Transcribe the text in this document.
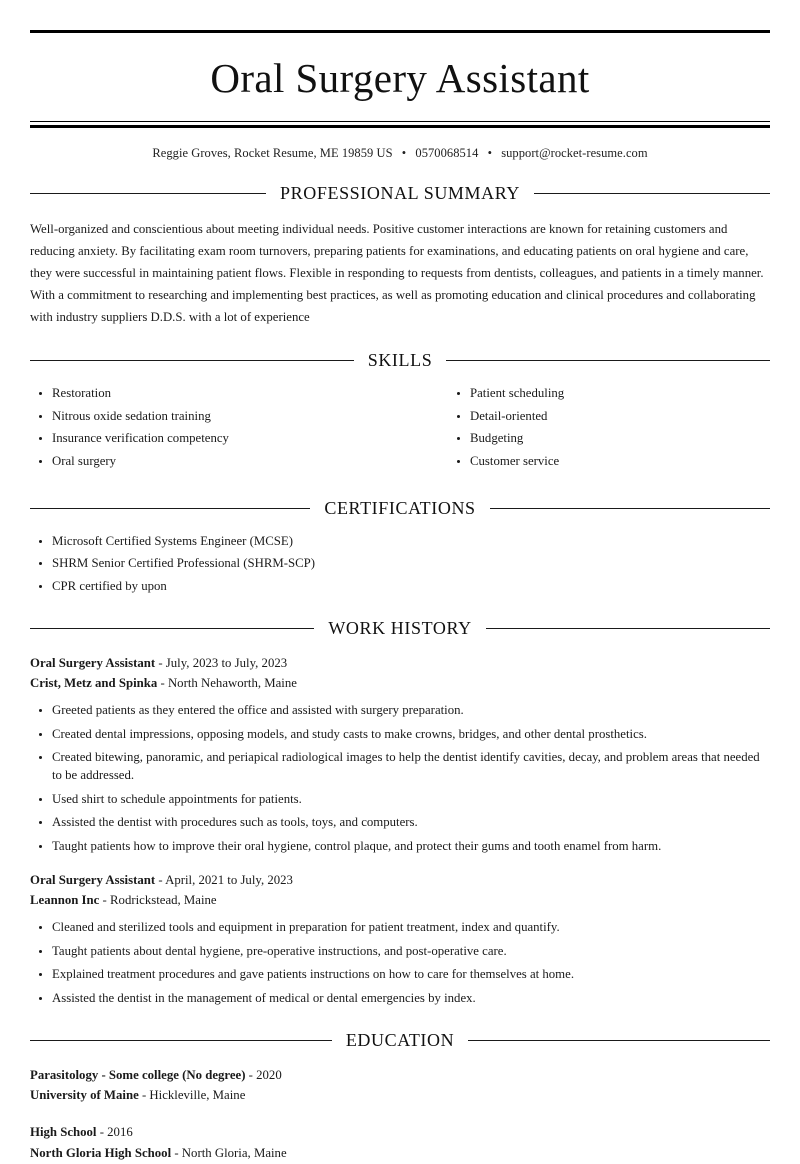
Oral Surgery Assistant
Reggie Groves, Rocket Resume, ME 19859 US • 0570068514 • support@rocket-resume.com
PROFESSIONAL SUMMARY

Well-organized and conscientious about meeting individual needs. Positive customer interactions are known for retaining customers and reducing anxiety. By facilitating exam room turnovers, preparing patients for examinations, and educating patients on oral hygiene and care, they were successful in maintaining patient flows. Flexible in responding to requests from dentists, colleagues, and patients in a timely manner. With a commitment to researching and implementing best practices, as well as promoting education and clinical procedures and collaborating with industry suppliers D.D.S. with a lot of experience

SKILLS
Restoration
Nitrous oxide sedation training
Insurance verification competency
Oral surgery
Patient scheduling
Detail-oriented
Budgeting
Customer service
CERTIFICATIONS
Microsoft Certified Systems Engineer (MCSE)
SHRM Senior Certified Professional (SHRM-SCP)
CPR certified by upon
WORK HISTORY
Oral Surgery Assistant - July, 2023 to July, 2023
Crist, Metz and Spinka - North Nehaworth, Maine
Greeted patients as they entered the office and assisted with surgery preparation.
Created dental impressions, opposing models, and study casts to make crowns, bridges, and other dental prosthetics.
Created bitewing, panoramic, and periapical radiological images to help the dentist identify cavities, decay, and problem areas that needed to be addressed.
Used shirt to schedule appointments for patients.
Assisted the dentist with procedures such as tools, toys, and computers.
Taught patients how to improve their oral hygiene, control plaque, and protect their gums and tooth enamel from harm.
Oral Surgery Assistant - April, 2021 to July, 2023
Leannon Inc - Rodrickstead, Maine
Cleaned and sterilized tools and equipment in preparation for patient treatment, index and quantify.
Taught patients about dental hygiene, pre-operative instructions, and post-operative care.
Explained treatment procedures and gave patients instructions on how to care for themselves at home.
Assisted the dentist in the management of medical or dental emergencies by index.
EDUCATION
Parasitology - Some college (No degree) - 2020
University of Maine - Hickleville, Maine
High School - 2016
North Gloria High School - North Gloria, Maine
